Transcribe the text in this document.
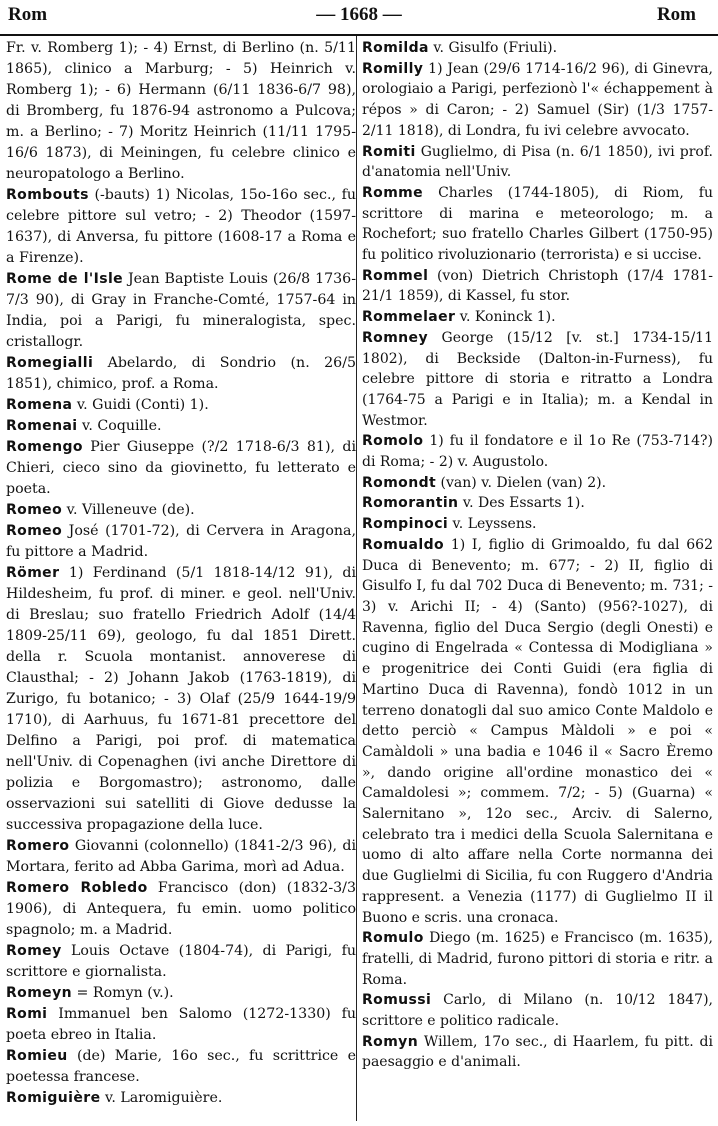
Rom	— 1668 —	Rom
Fr. v. Romberg 1); - 4) Ernst, di Berlino (n. 5/11 1865), clinico a Marburg; - 5) Heinrich v. Romberg 1); - 6) Hermann (6/11 1836-6/7 98), di Bromberg, fu 1876-94 astronomo a Pulcova; m. a Berlino; - 7) Moritz Heinrich (11/11 1795-16/6 1873), di Meiningen, fu celebre clinico e neuropatologo a Berlino.
Rombouts (-bauts) 1) Nicolas, 15o-16o sec., fu celebre pittore sul vetro; - 2) Theodor (1597-1637), di Anversa, fu pittore (1608-17 a Roma e a Firenze).
Rome de l'Isle Jean Baptiste Louis (26/8 1736-7/3 90), di Gray in Franche-Comté, 1757-64 in India, poi a Parigi, fu mineralogista, spec. cristallogr.
Romegialli Abelardo, di Sondrio (n. 26/5 1851), chimico, prof. a Roma.
Romena v. Guidi (Conti) 1).
Romenai v. Coquille.
Romengo Pier Giuseppe (?/2 1718-6/3 81), di Chieri, cieco sino da giovinetto, fu letterato e poeta.
Romeo v. Villeneuve (de).
Romeo José (1701-72), di Cervera in Aragona, fu pittore a Madrid.
Römer 1) Ferdinand (5/1 1818-14/12 91), di Hildesheim, fu prof. di miner. e geol. nell'Univ. di Breslau; suo fratello Friedrich Adolf (14/4 1809-25/11 69), geologo, fu dal 1851 Dirett. della r. Scuola montanist. annoverese di Clausthal; - 2) Johann Jakob (1763-1819), di Zurigo, fu botanico; - 3) Olaf (25/9 1644-19/9 1710), di Aarhuus, fu 1671-81 precettore del Delfino a Parigi, poi prof. di matematica nell'Univ. di Copenaghen (ivi anche Direttore di polizia e Borgomastro); astronomo, dalle osservazioni sui satelliti di Giove dedusse la successiva propagazione della luce.
Romero Giovanni (colonnello) (1841-2/3 96), di Mortara, ferito ad Abba Garima, morì ad Adua.
Romero Robledo Francisco (don) (1832-3/3 1906), di Antequera, fu emin. uomo politico spagnolo; m. a Madrid.
Romey Louis Octave (1804-74), di Parigi, fu scrittore e giornalista.
Romeyn = Romyn (v.).
Romi Immanuel ben Salomo (1272-1330) fu poeta ebreo in Italia.
Romieu (de) Marie, 16o sec., fu scrittrice e poetessa francese.
Romiguière v. Laromiguière.
Romilda v. Gisulfo (Friuli).
Romilly 1) Jean (29/6 1714-16/2 96), di Ginevra, orologiaio a Parigi, perfezionò l'« échappement à répos » di Caron; - 2) Samuel (Sir) (1/3 1757-2/11 1818), di Londra, fu ivi celebre avvocato.
Romiti Guglielmo, di Pisa (n. 6/1 1850), ivi prof. d'anatomia nell'Univ.
Romme Charles (1744-1805), di Riom, fu scrittore di marina e meteorologo; m. a Rochefort; suo fratello Charles Gilbert (1750-95) fu politico rivoluzionario (terrorista) e si uccise.
Rommel (von) Dietrich Christoph (17/4 1781-21/1 1859), di Kassel, fu stor.
Rommelaer v. Koninck 1).
Romney George (15/12 [v. st.] 1734-15/11 1802), di Beckside (Dalton-in-Furness), fu celebre pittore di storia e ritratto a Londra (1764-75 a Parigi e in Italia); m. a Kendal in Westmor.
Romolo 1) fu il fondatore e il 1o Re (753-714?) di Roma; - 2) v. Augustolo.
Romondt (van) v. Dielen (van) 2).
Romorantin v. Des Essarts 1).
Rompinoci v. Leyssens.
Romualdo 1) I, figlio di Grimoaldo, fu dal 662 Duca di Benevento; m. 677; - 2) II, figlio di Gisulfo I, fu dal 702 Duca di Benevento; m. 731; - 3) v. Arichi II; - 4) (Santo) (956?-1027), di Ravenna, figlio del Duca Sergio (degli Onesti) e cugino di Engelrada « Contessa di Modigliana » e progenitrice dei Conti Guidi (era figlia di Martino Duca di Ravenna), fondò 1012 in un terreno donatogli dal suo amico Conte Maldolo e detto perciò « Campus Màldoli » e poi « Camàldoli » una badia e 1046 il « Sacro Èremo », dando origine all'ordine monastico dei « Camaldolesi »; commem. 7/2; - 5) (Guarna) « Salernitano », 12o sec., Arciv. di Salerno, celebrato tra i medici della Scuola Salernitana e uomo di alto affare nella Corte normanna dei due Guglielmi di Sicilia, fu con Ruggero d'Andria rappresent. a Venezia (1177) di Guglielmo II il Buono e scris. una cronaca.
Romulo Diego (m. 1625) e Francisco (m. 1635), fratelli, di Madrid, furono pittori di storia e ritr. a Roma.
Romussi Carlo, di Milano (n. 10/12 1847), scrittore e politico radicale.
Romyn Willem, 17o sec., di Haarlem, fu pitt. di paesaggio e d'animali.
